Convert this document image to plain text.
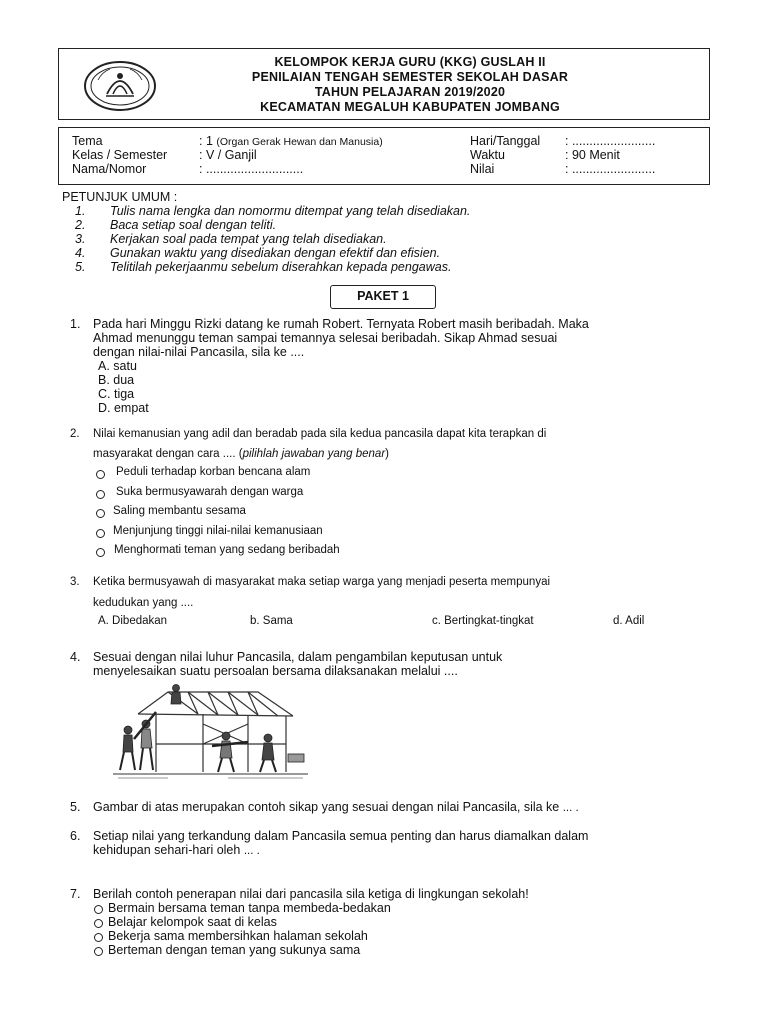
KELOMPOK KERJA GURU (KKG) GUSLAH II
PENILAIAN TENGAH SEMESTER SEKOLAH DASAR
TAHUN PELAJARAN 2019/2020
KECAMATAN MEGALUH KABUPATEN JOMBANG
Tema	: 1 (Organ Gerak Hewan dan Manusia)
Kelas / Semester	: V / Ganjil
Nama/Nomor	: ............................
Hari/Tanggal : ........................
Waktu	: 90 Menit
Nilai	: ........................
PETUNJUK UMUM :
1. Tulis nama lengka dan nomormu ditempat yang telah disediakan.
2. Baca setiap soal dengan teliti.
3. Kerjakan soal pada tempat yang telah disediakan.
4. Gunakan waktu yang disediakan dengan efektif dan efisien.
5. Telitilah pekerjaanmu sebelum diserahkan kepada pengawas.
PAKET 1
1. Pada hari Minggu Rizki datang ke rumah Robert. Ternyata Robert masih beribadah. Maka
Ahmad menunggu teman sampai temannya selesai beribadah. Sikap Ahmad sesuai
dengan nilai-nilai Pancasila, sila ke ....
A. satu
B. dua
C. tiga
D. empat
2. Nilai kemanusian yang adil dan beradab pada sila kedua pancasila dapat kita terapkan di
masyarakat dengan cara .... (pilihlah jawaban yang benar)
Peduli terhadap korban bencana alam
Suka bermusyawarah dengan warga
Saling membantu sesama
Menjunjung tinggi nilai-nilai kemanusiaan
Menghormati teman yang sedang beribadah
3. Ketika bermusyawah di masyarakat maka setiap warga yang menjadi peserta mempunyai
kedudukan yang ....
A. Dibedakan	b. Sama	c. Bertingkat-tingkat	d. Adil
4. Sesuai dengan nilai luhur Pancasila, dalam pengambilan keputusan untuk
menyelesaikan suatu persoalan bersama dilaksanakan melalui ....
5. Gambar di atas merupakan contoh sikap yang sesuai dengan nilai Pancasila, sila ke ... .
6. Setiap nilai yang terkandung dalam Pancasila semua penting dan harus diamalkan dalam
kehidupan sehari-hari oleh ... .
7. Berilah contoh penerapan nilai dari pancasila sila ketiga di lingkungan sekolah!
Bermain bersama teman tanpa membeda-bedakan
Belajar kelompok saat di kelas
Bekerja sama membersihkan halaman sekolah
Berteman dengan teman yang sukunya sama
